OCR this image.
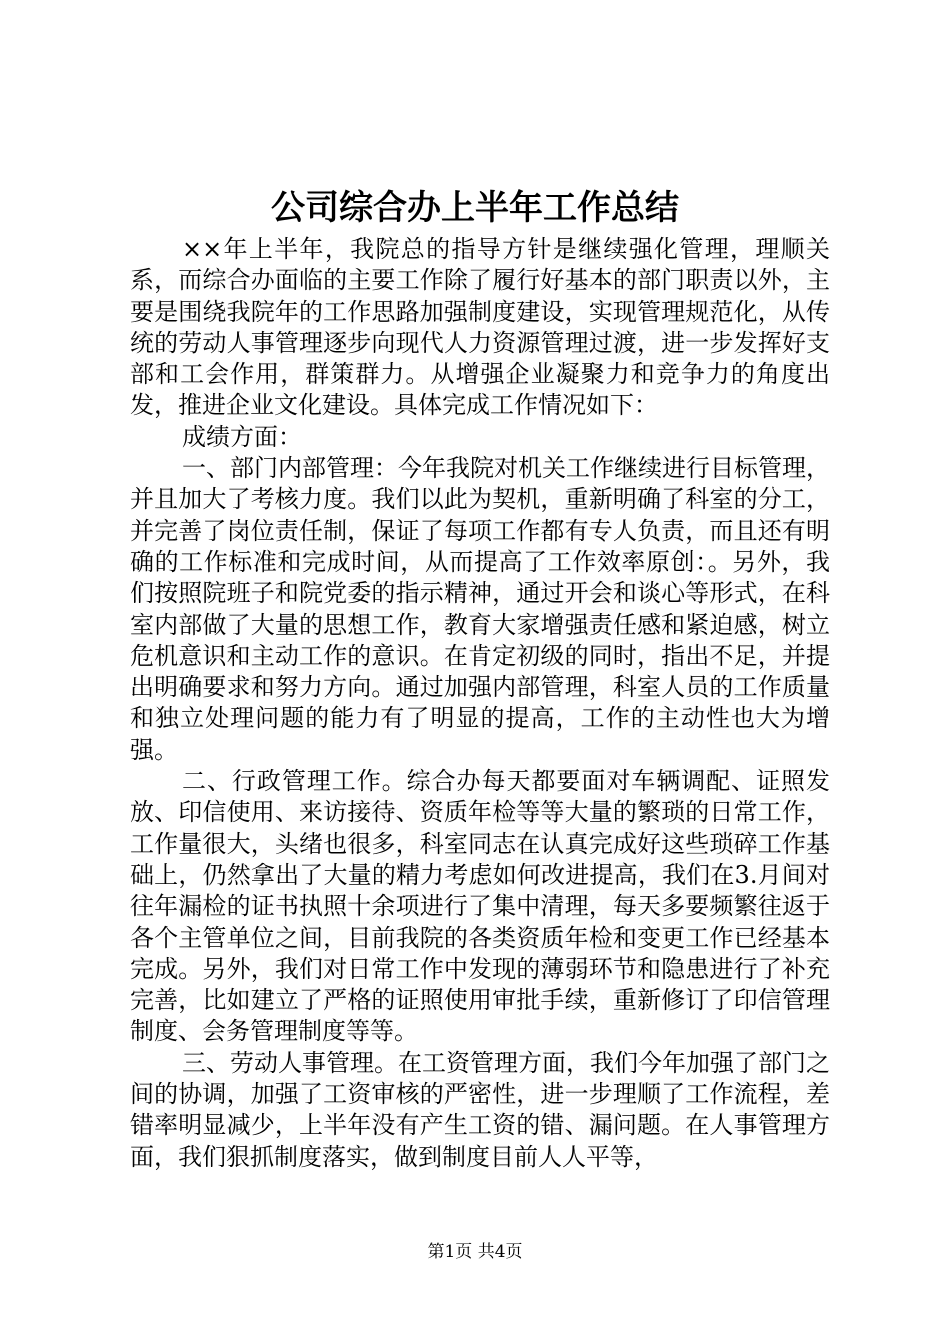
公司综合办上半年工作总结

××年上半年，我院总的指导方针是继续强化管理，理顺关系，而综合办面临的主要工作除了履行好基本的部门职责以外，主要是围绕我院年的工作思路加强制度建设，实现管理规范化，从传统的劳动人事管理逐步向现代人力资源管理过渡，进一步发挥好支部和工会作用，群策群力。从增强企业凝聚力和竞争力的角度出发，推进企业文化建设。具体完成工作情况如下：

成绩方面：

一、部门内部管理：今年我院对机关工作继续进行目标管理，并且加大了考核力度。我们以此为契机，重新明确了科室的分工，并完善了岗位责任制，保证了每项工作都有专人负责，而且还有明确的工作标准和完成时间，从而提高了工作效率原创：。另外，我们按照院班子和院党委的指示精神，通过开会和谈心等形式，在科室内部做了大量的思想工作，教育大家增强责任感和紧迫感，树立危机意识和主动工作的意识。在肯定初级的同时，指出不足，并提出明确要求和努力方向。通过加强内部管理，科室人员的工作质量和独立处理问题的能力有了明显的提高，工作的主动性也大为增强。

二、行政管理工作。综合办每天都要面对车辆调配、证照发放、印信使用、来访接待、资质年检等等大量的繁琐的日常工作，工作量很大，头绪也很多，科室同志在认真完成好这些琐碎工作基础上，仍然拿出了大量的精力考虑如何改进提高，我们在3.月间对往年漏检的证书执照十余项进行了集中清理，每天多要频繁往返于各个主管单位之间，目前我院的各类资质年检和变更工作已经基本完成。另外，我们对日常工作中发现的薄弱环节和隐患进行了补充完善，比如建立了严格的证照使用审批手续，重新修订了印信管理制度、会务管理制度等等。

三、劳动人事管理。在工资管理方面，我们今年加强了部门之间的协调，加强了工资审核的严密性，进一步理顺了工作流程，差错率明显减少，上半年没有产生工资的错、漏问题。在人事管理方面，我们狠抓制度落实，做到制度目前人人平等，

第1页 共4页
